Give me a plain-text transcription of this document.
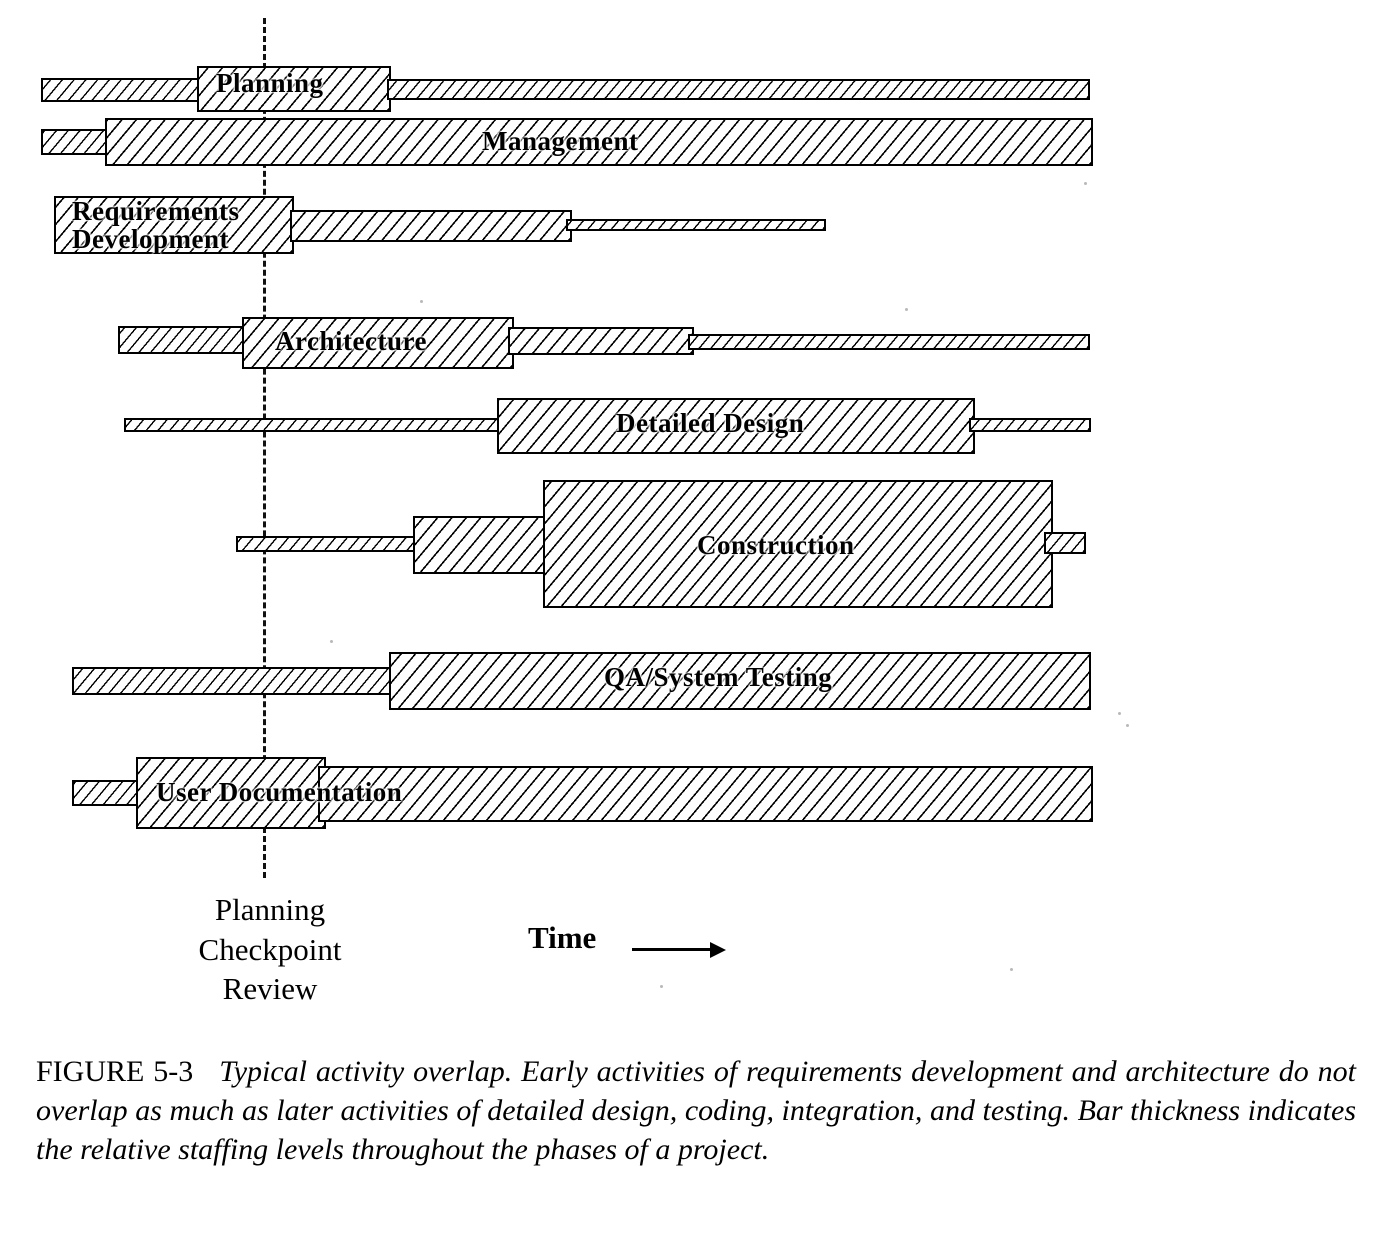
Planning
Management
Requirements
Development
Architecture
Detailed Design
Construction
QA/System Testing
User Documentation
Planning
Checkpoint
Review
Time
FIGURE 5-3 Typical activity overlap. Early activities of requirements development and architecture do not overlap as much as later activities of detailed design, coding, integration, and testing. Bar thickness indicates the relative staffing levels throughout the phases of a project.
